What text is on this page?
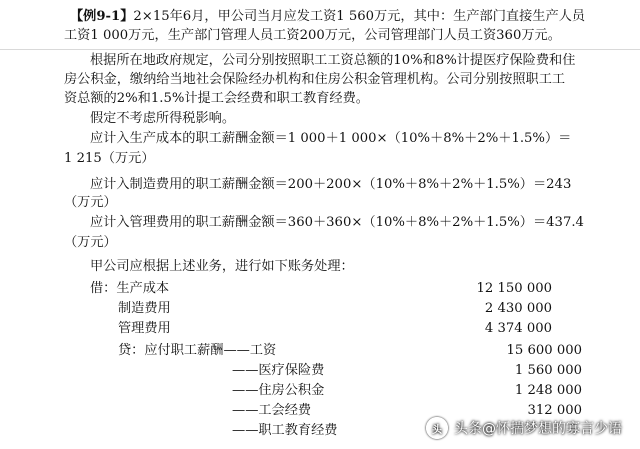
【例9-1】2×15年6月，甲公司当月应发工资1 560万元，其中：生产部门直接生产人员
工资1 000万元，生产部门管理人员工资200万元，公司管理部门人员工资360万元。
根据所在地政府规定，公司分别按照职工工资总额的10%和8%计提医疗保险费和住
房公积金，缴纳给当地社会保险经办机构和住房公积金管理机构。公司分别按照职工工
资总额的2%和1.5%计提工会经费和职工教育经费。
假定不考虑所得税影响。
应计入生产成本的职工薪酬金额＝1 000＋1 000×（10%＋8%＋2%＋1.5%）＝
1 215（万元）
应计入制造费用的职工薪酬金额＝200＋200×（10%＋8%＋2%＋1.5%）＝243
（万元）
应计入管理费用的职工薪酬金额＝360＋360×（10%＋8%＋2%＋1.5%）＝437.4
（万元）
甲公司应根据上述业务，进行如下账务处理：
借：生产成本	12 150 000
制造费用	2 430 000
管理费用	4 374 000
贷：应付职工薪酬——工资	15 600 000
——医疗保险费	1 560 000
——住房公积金	1 248 000
——工会经费	312 000
——职工教育经费	头 头条@怀揣梦想的寡言少语
